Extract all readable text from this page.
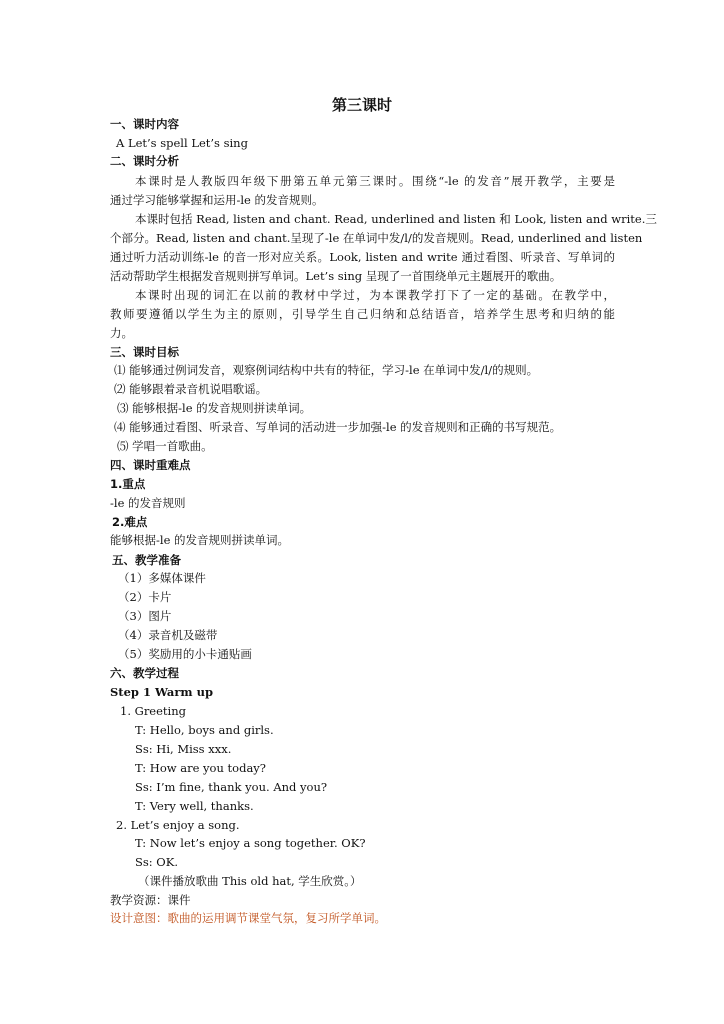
第三课时
一、课时内容
A Let’s spell Let’s sing
二、课时分析
本课时是人教版四年级下册第五单元第三课时。围绕“-le 的发音”展开教学，主要是
通过学习能够掌握和运用-le 的发音规则。
本课时包括 Read, listen and chant. Read, underlined and listen 和 Look, listen and write.三
个部分。Read, listen and chant.呈现了-le 在单词中发/l/的发音规则。Read, underlined and listen
通过听力活动训练-le 的音一形对应关系。Look, listen and write 通过看图、听录音、写单词的
活动帮助学生根据发音规则拼写单词。Let’s sing 呈现了一首围绕单元主题展开的歌曲。
本课时出现的词汇在以前的教材中学过，为本课教学打下了一定的基础。在教学中，
教师要遵循以学生为主的原则，引导学生自己归纳和总结语音，培养学生思考和归纳的能
力。
三、课时目标
⑴ 能够通过例词发音，观察例词结构中共有的特征，学习-le 在单词中发/l/的规则。
⑵ 能够跟着录音机说唱歌谣。
⑶ 能够根据-le 的发音规则拼读单词。
⑷ 能够通过看图、听录音、写单词的活动进一步加强-le 的发音规则和正确的书写规范。
⑸ 学唱一首歌曲。
四、课时重难点
1.重点
-le 的发音规则
2.难点
能够根据-le 的发音规则拼读单词。
五、教学准备
（1）多媒体课件
（2）卡片
（3）图片
（4）录音机及磁带
（5）奖励用的小卡通贴画
六、教学过程
Step 1 Warm up
1. Greeting
T: Hello, boys and girls.
Ss: Hi, Miss xxx.
T: How are you today?
Ss: I’m fine, thank you. And you?
T: Very well, thanks.
2. Let’s enjoy a song.
T: Now let’s enjoy a song together. OK?
Ss: OK.
（课件播放歌曲 This old hat, 学生欣赏。）
教学资源：课件
设计意图：歌曲的运用调节课堂气氛，复习所学单词。
